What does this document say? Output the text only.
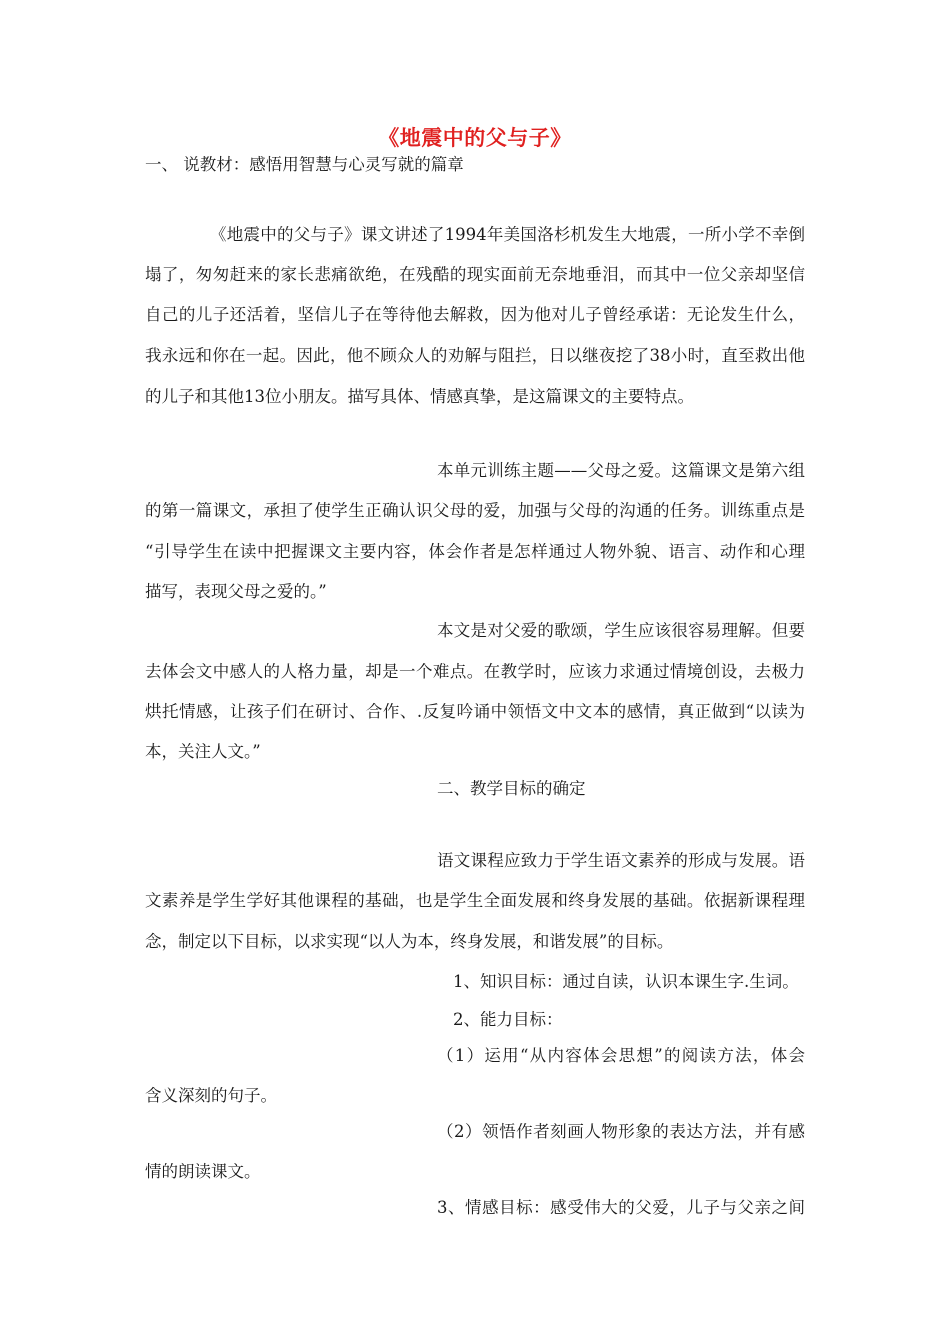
《地震中的父与子》
一、 说教材：感悟用智慧与心灵写就的篇章
《地震中的父与子》课文讲述了1994年美国洛杉机发生大地震，一所小学不幸倒
塌了，匆匆赶来的家长悲痛欲绝，在残酷的现实面前无奈地垂泪，而其中一位父亲却坚信
自己的儿子还活着，坚信儿子在等待他去解救，因为他对儿子曾经承诺：无论发生什么，
我永远和你在一起。因此，他不顾众人的劝解与阻拦，日以继夜挖了38小时，直至救出他
的儿子和其他13位小朋友。描写具体、情感真挚，是这篇课文的主要特点。
本单元训练主题——父母之爱。这篇课文是第六组
的第一篇课文，承担了使学生正确认识父母的爱，加强与父母的沟通的任务。训练重点是
“引导学生在读中把握课文主要内容，体会作者是怎样通过人物外貌、语言、动作和心理
描写，表现父母之爱的。”
本文是对父爱的歌颂，学生应该很容易理解。但要
去体会文中感人的人格力量，却是一个难点。在教学时，应该力求通过情境创设，去极力
烘托情感，让孩子们在研讨、合作、.反复吟诵中领悟文中文本的感情，真正做到“以读为
本，关注人文。”
二、教学目标的确定
语文课程应致力于学生语文素养的形成与发展。语
文素养是学生学好其他课程的基础，也是学生全面发展和终身发展的基础。依据新课程理
念，制定以下目标，以求实现“以人为本，终身发展，和谐发展”的目标。
1、知识目标：通过自读，认识本课生字.生词。
2、能力目标：
（1）运用“从内容体会思想”的阅读方法，体会
含义深刻的句子。
（2）领悟作者刻画人物形象的表达方法，并有感
情的朗读课文。
3、情感目标：感受伟大的父爱，儿子与父亲之间
